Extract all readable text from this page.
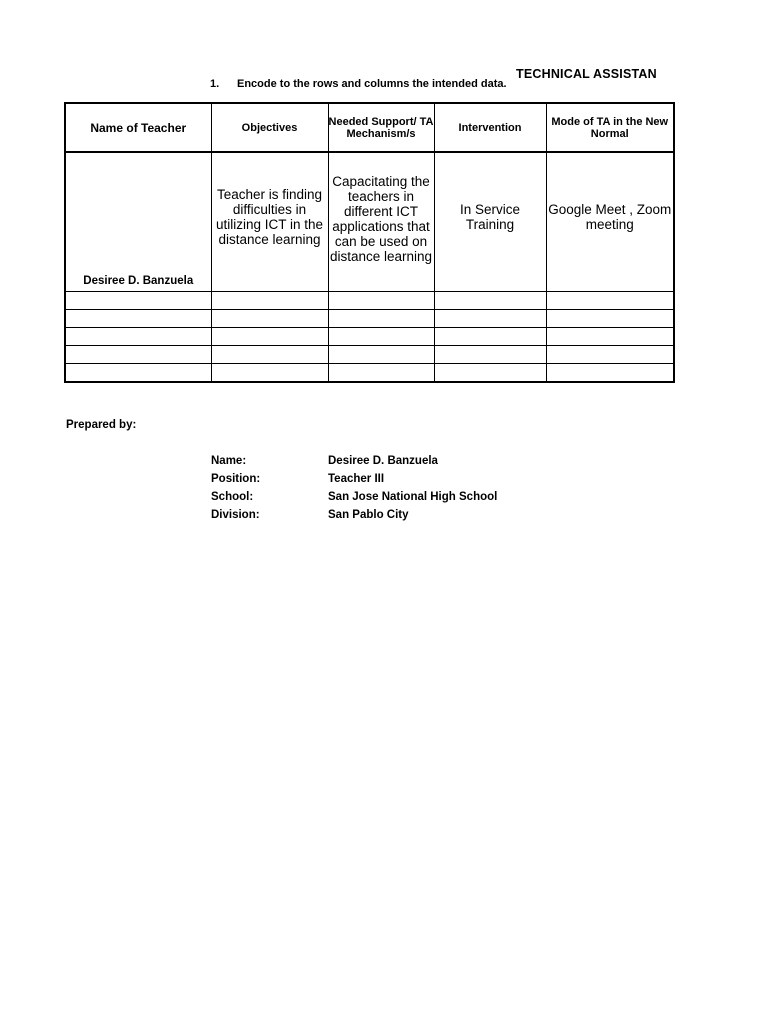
TECHNICAL ASSISTAN
1. Encode to the rows and columns the intended data.
Name of Teacher	Objectives	Needed Support/ TA Mechanism/s	Intervention	Mode of TA in the New Normal
Desiree D. Banzuela	Teacher is finding difficulties in utilizing ICT in the distance learning	Capacitating the teachers in different ICT applications that can be used on distance learning	In Service Training	Google Meet , Zoom meeting

Prepared by:
Name:	Desiree D. Banzuela
Position:	Teacher III
School:	San Jose National High School
Division:	San Pablo City
